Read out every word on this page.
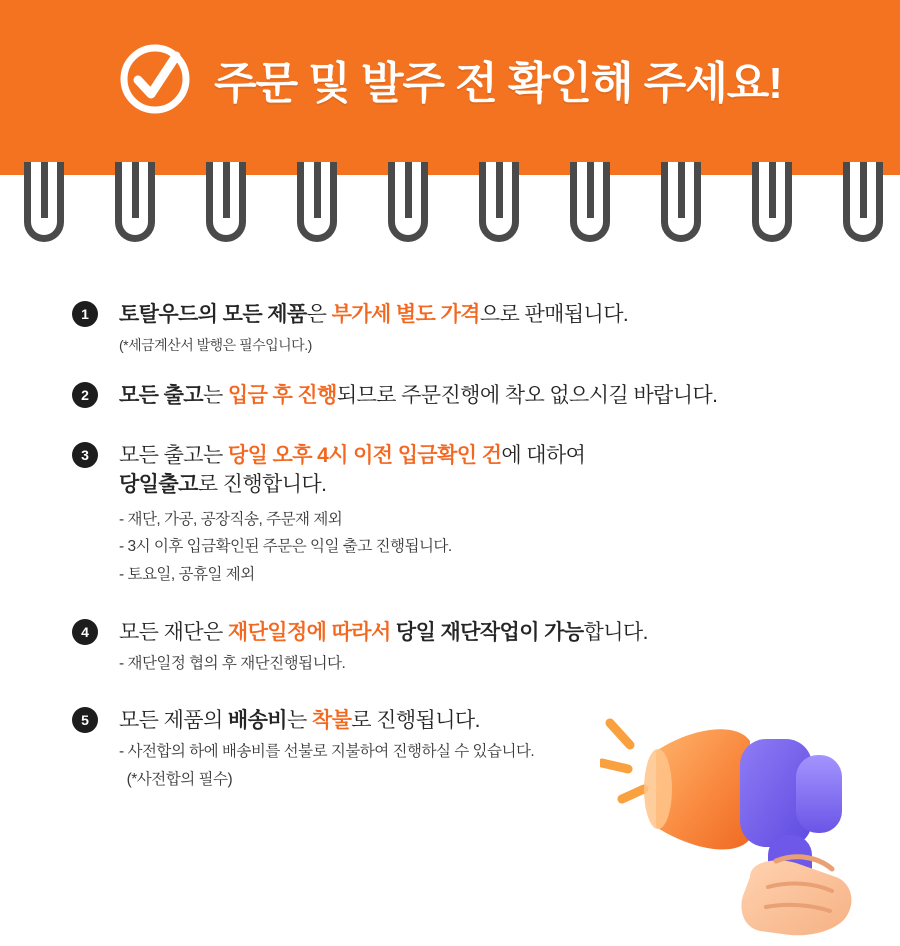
주문 및 발주 전 확인해 주세요!
1	토탈우드의 모든 제품은 부가세 별도 가격으로 판매됩니다.
(*세금계산서 발행은 필수입니다.)
2	모든 출고는 입금 후 진행되므로 주문진행에 착오 없으시길 바랍니다.
3	모든 출고는 당일 오후 4시 이전 입금확인 건에 대하여
당일출고로 진행합니다.
- 재단, 가공, 공장직송, 주문재 제외
- 3시 이후 입금확인된 주문은 익일 출고 진행됩니다.
- 토요일, 공휴일 제외
4	모든 재단은 재단일정에 따라서 당일 재단작업이 가능합니다.
- 재단일정 협의 후 재단진행됩니다.
5	모든 제품의 배송비는 착불로 진행됩니다.
- 사전합의 하에 배송비를 선불로 지불하여 진행하실 수 있습니다.
(*사전합의 필수)
